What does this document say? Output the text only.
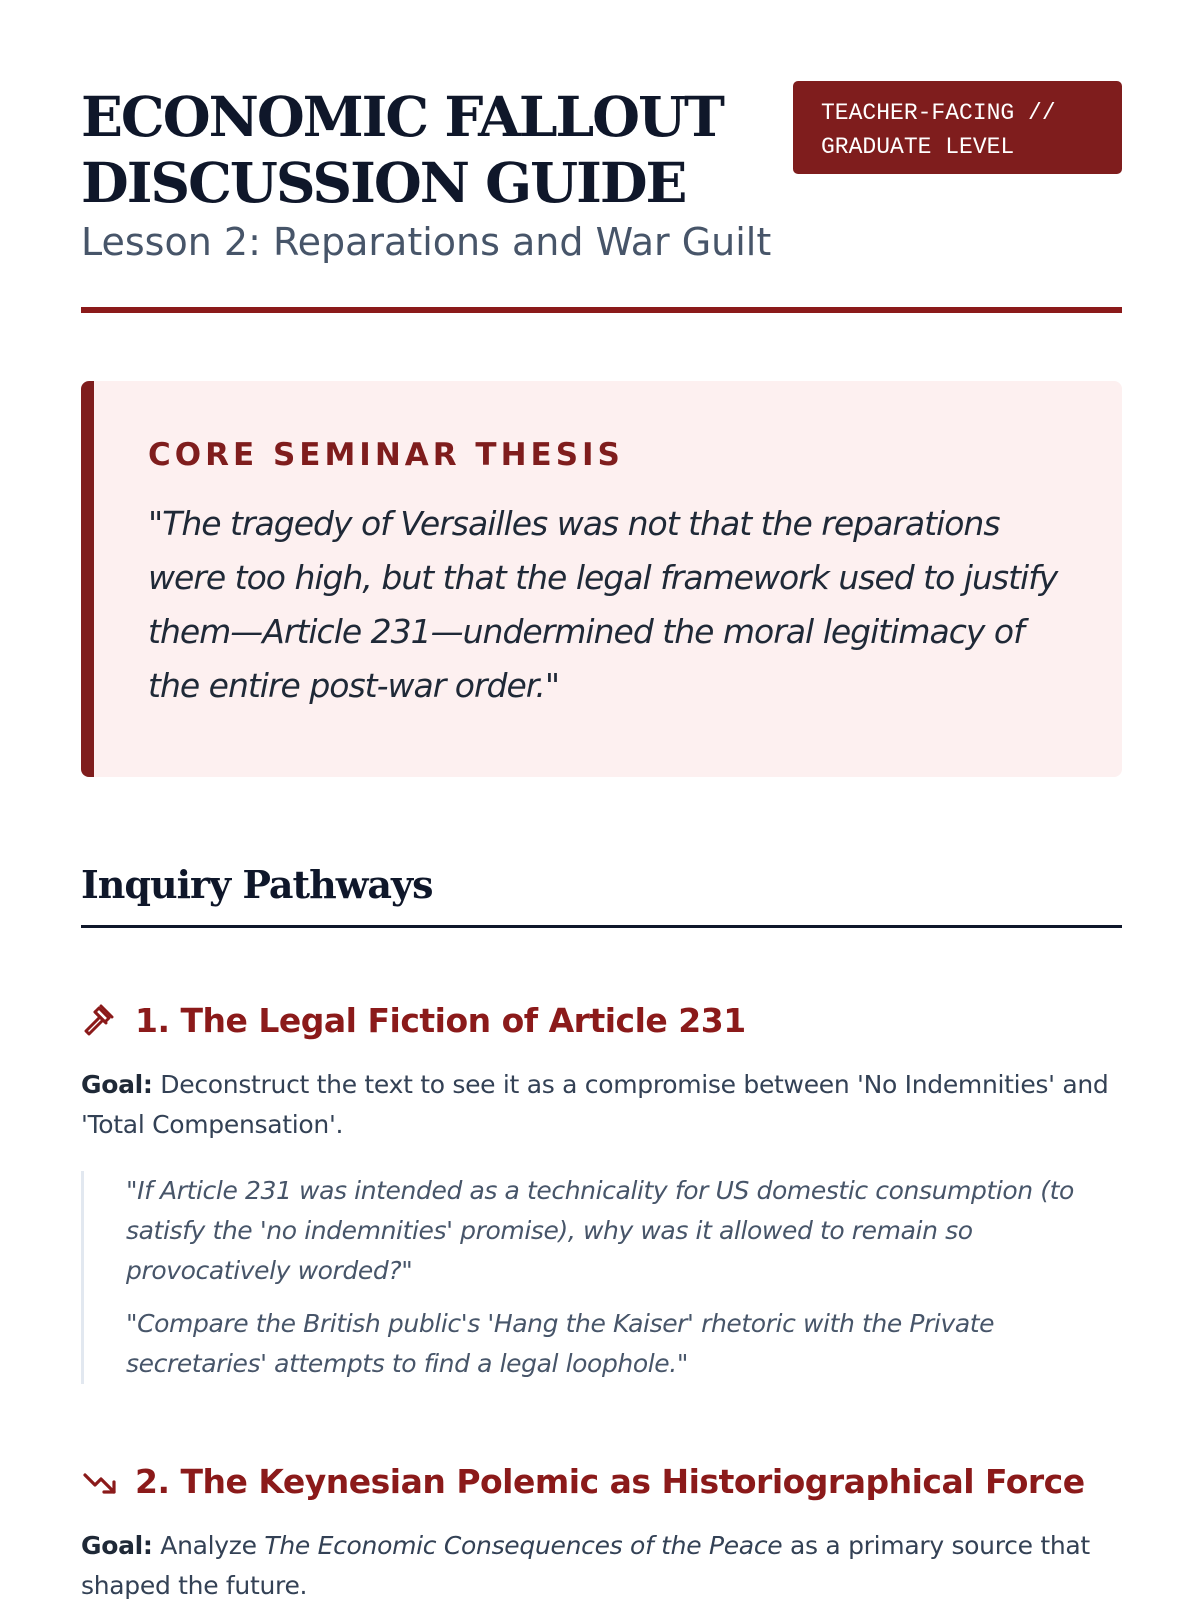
ECONOMIC FALLOUT DISCUSSION GUIDE
Lesson 2: Reparations and War Guilt
TEACHER-FACING //
GRADUATE LEVEL
CORE SEMINAR THESIS

"The tragedy of Versailles was not that the reparations were too high, but that the legal framework used to justify them—Article 231—undermined the moral legitimacy of the entire post-war order."

Inquiry Pathways
1. The Legal Fiction of Article 231

Goal: Deconstruct the text to see it as a compromise between 'No Indemnities' and 'Total Compensation'.

"If Article 231 was intended as a technicality for US domestic consumption (to satisfy the 'no indemnities' promise), why was it allowed to remain so provocatively worded?"

"Compare the British public's 'Hang the Kaiser' rhetoric with the Private secretaries' attempts to find a legal loophole."

2. The Keynesian Polemic as Historiographical Force

Goal: Analyze The Economic Consequences of the Peace as a primary source that shaped the future.
